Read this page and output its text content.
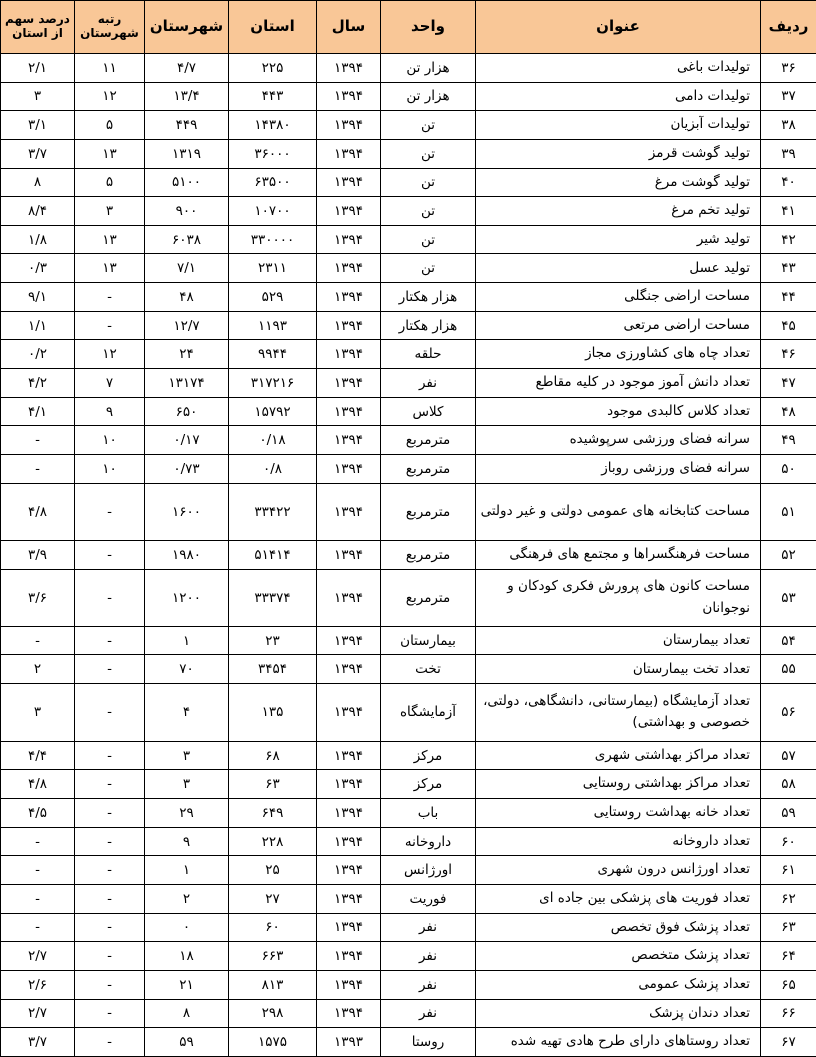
ردیف	عنوان	واحد	سال	استان	شهرستان	رتبه شهرستان	درصد سهم از استان
۳۶	تولیدات باغی	هزار تن	۱۳۹۴	۲۲۵	۴/۷	۱۱	۲/۱
۳۷	تولیدات دامی	هزار تن	۱۳۹۴	۴۴۳	۱۳/۴	۱۲	۳
۳۸	تولیدات آبزیان	تن	۱۳۹۴	۱۴۳۸۰	۴۴۹	۵	۳/۱
۳۹	تولید گوشت قرمز	تن	۱۳۹۴	۳۶۰۰۰	۱۳۱۹	۱۳	۳/۷
۴۰	تولید گوشت مرغ	تن	۱۳۹۴	۶۳۵۰۰	۵۱۰۰	۵	۸
۴۱	تولید تخم مرغ	تن	۱۳۹۴	۱۰۷۰۰	۹۰۰	۳	۸/۴
۴۲	تولید شیر	تن	۱۳۹۴	۳۳۰۰۰۰	۶۰۳۸	۱۳	۱/۸
۴۳	تولید عسل	تن	۱۳۹۴	۲۳۱۱	۷/۱	۱۳	۰/۳
۴۴	مساحت اراضی جنگلی	هزار هکتار	۱۳۹۴	۵۲۹	۴۸	-	۹/۱
۴۵	مساحت اراضی مرتعی	هزار هکتار	۱۳۹۴	۱۱۹۳	۱۲/۷	-	۱/۱
۴۶	تعداد چاه های کشاورزی مجاز	حلقه	۱۳۹۴	۹۹۴۴	۲۴	۱۲	۰/۲
۴۷	تعداد دانش آموز موجود در کلیه مقاطع	نفر	۱۳۹۴	۳۱۷۲۱۶	۱۳۱۷۴	۷	۴/۲
۴۸	تعداد کلاس کالبدی موجود	کلاس	۱۳۹۴	۱۵۷۹۲	۶۵۰	۹	۴/۱
۴۹	سرانه فضای ورزشی سرپوشیده	مترمربع	۱۳۹۴	۰/۱۸	۰/۱۷	۱۰	-
۵۰	سرانه فضای ورزشی روباز	مترمربع	۱۳۹۴	۰/۸	۰/۷۳	۱۰	-
۵۱	مساحت کتابخانه های عمومی دولتی و غیر دولتی	مترمربع	۱۳۹۴	۳۳۴۲۲	۱۶۰۰	-	۴/۸
۵۲	مساحت فرهنگسراها و مجتمع های فرهنگی	مترمربع	۱۳۹۴	۵۱۴۱۴	۱۹۸۰	-	۳/۹
۵۳	مساحت کانون های پرورش فکری کودکان و نوجوانان	مترمربع	۱۳۹۴	۳۳۳۷۴	۱۲۰۰	-	۳/۶
۵۴	تعداد بیمارستان	بیمارستان	۱۳۹۴	۲۳	۱	-	-
۵۵	تعداد تخت بیمارستان	تخت	۱۳۹۴	۳۴۵۴	۷۰	-	۲
۵۶	تعداد آزمایشگاه (بیمارستانی، دانشگاهی، دولتی، خصوصی و بهداشتی)	آزمایشگاه	۱۳۹۴	۱۳۵	۴	-	۳
۵۷	تعداد مراکز بهداشتی شهری	مرکز	۱۳۹۴	۶۸	۳	-	۴/۴
۵۸	تعداد مراکز بهداشتی روستایی	مرکز	۱۳۹۴	۶۳	۳	-	۴/۸
۵۹	تعداد خانه بهداشت روستایی	باب	۱۳۹۴	۶۴۹	۲۹	-	۴/۵
۶۰	تعداد داروخانه	داروخانه	۱۳۹۴	۲۲۸	۹	-	-
۶۱	تعداد اورژانس درون شهری	اورژانس	۱۳۹۴	۲۵	۱	-	-
۶۲	تعداد فوریت های پزشکی بین جاده ای	فوریت	۱۳۹۴	۲۷	۲	-	-
۶۳	تعداد پزشک فوق تخصص	نفر	۱۳۹۴	۶۰	۰	-	-
۶۴	تعداد پزشک متخصص	نفر	۱۳۹۴	۶۶۳	۱۸	-	۲/۷
۶۵	تعداد پزشک عمومی	نفر	۱۳۹۴	۸۱۳	۲۱	-	۲/۶
۶۶	تعداد دندان پزشک	نفر	۱۳۹۴	۲۹۸	۸	-	۲/۷
۶۷	تعداد روستاهای دارای طرح هادی تهیه شده	روستا	۱۳۹۳	۱۵۷۵	۵۹	-	۳/۷
